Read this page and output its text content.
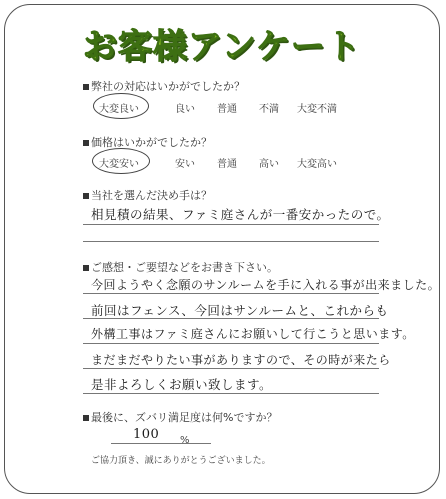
お客様アンケート
弊社の対応はいかがでしたか？
大変良い	良い 普通 不満 大変不満
価格はいかがでしたか？
大変安い	安い 普通 高い 大変高い
当社を選んだ決め手は？
相見積の結果、ファミ庭さんが一番安かったので。
ご感想・ご要望などをお書き下さい。
今回ようやく念願のサンルームを手に入れる事が出来ました。
前回はフェンス、今回はサンルームと、これからも
外構工事はファミ庭さんにお願いして行こうと思います。
まだまだやりたい事がありますので、その時が来たら
是非よろしくお願い致します。
最後に、ズバリ満足度は何%ですか？
100 %
ご協力頂き、誠にありがとうございました。
